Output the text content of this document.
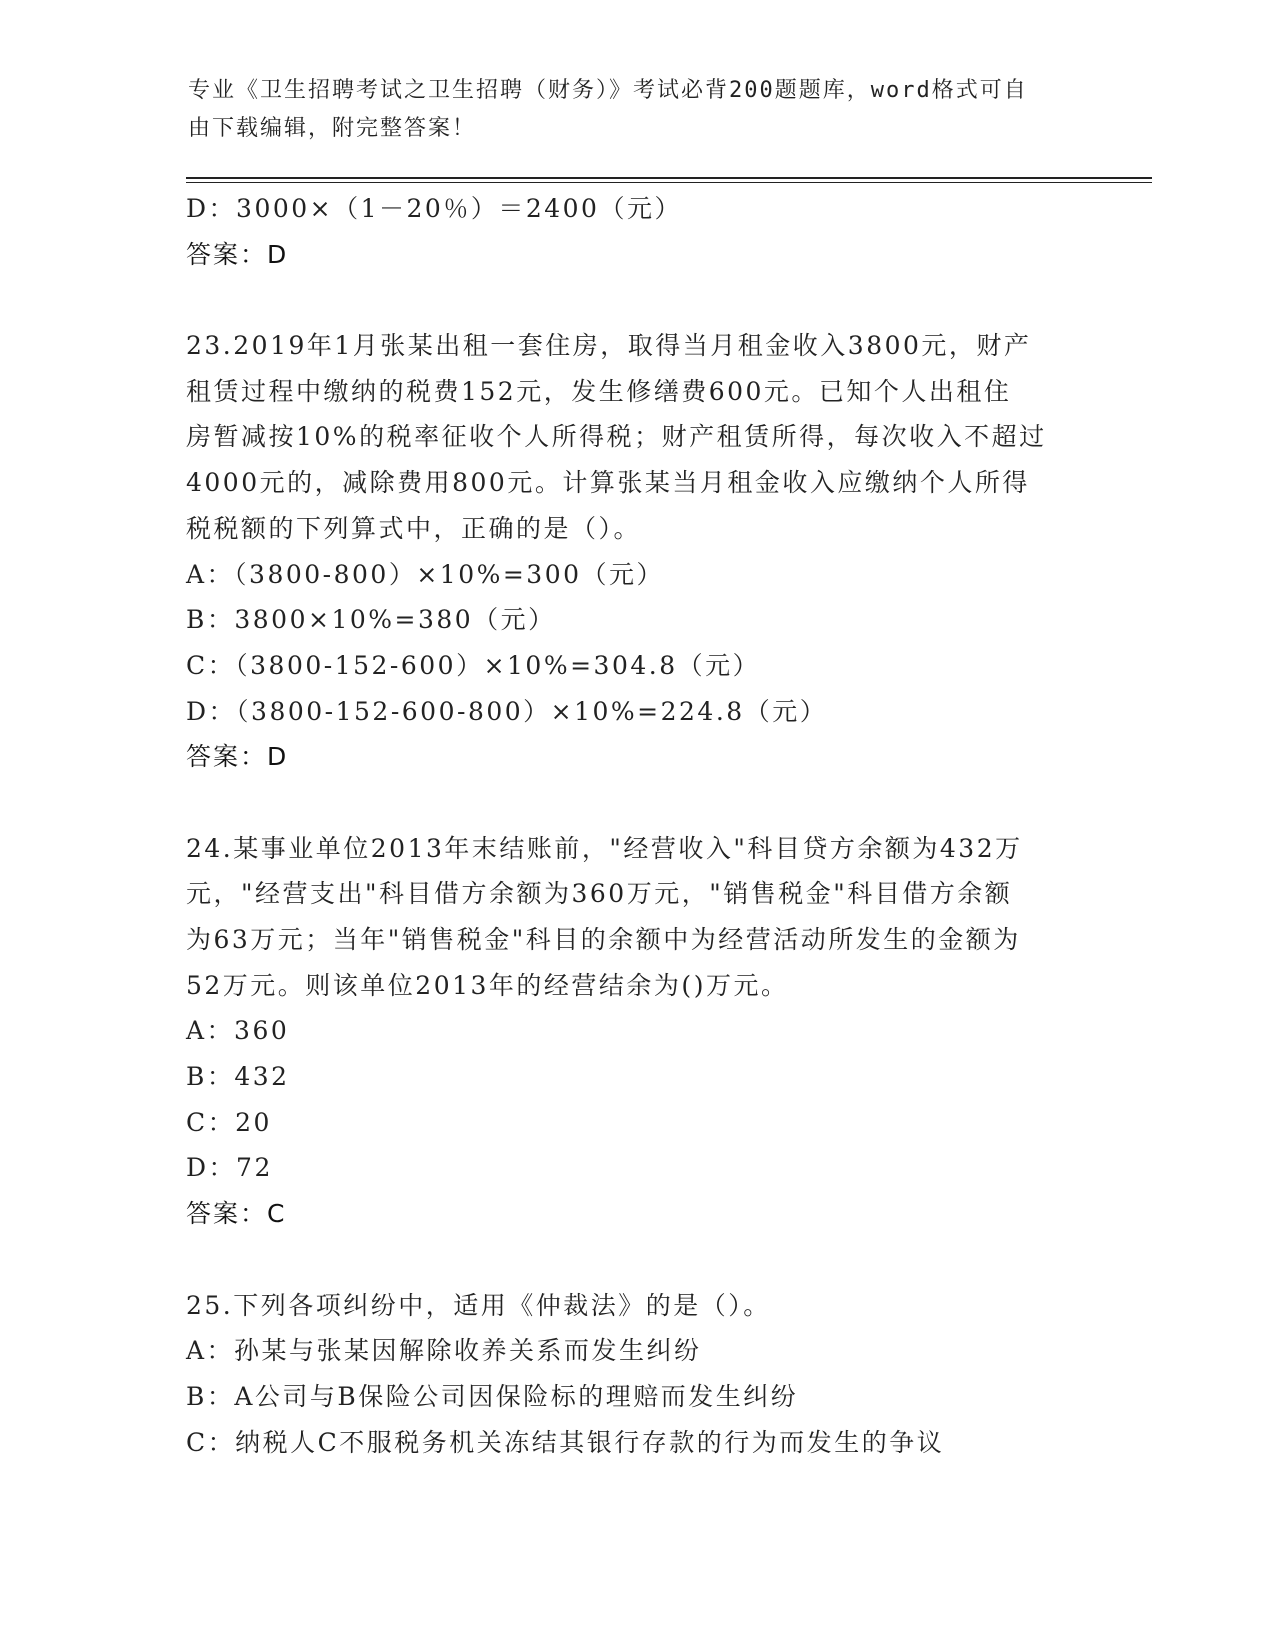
专业《卫生招聘考试之卫生招聘（财务）》考试必背200题题库，word格式可自
由下载编辑，附完整答案！
D：3000×（1－20％）＝2400（元）
答案：D
23.2019年1月张某出租一套住房，取得当月租金收入3800元，财产
租赁过程中缴纳的税费152元，发生修缮费600元。已知个人出租住
房暂减按10%的税率征收个人所得税；财产租赁所得，每次收入不超过
4000元的，减除费用800元。计算张某当月租金收入应缴纳个人所得
税税额的下列算式中，正确的是（）。
A：（3800-800）×10%=300（元）
B：3800×10%=380（元）
C：（3800-152-600）×10%=304.8（元）
D：（3800-152-600-800）×10%=224.8（元）
答案：D
24.某事业单位2013年末结账前，"经营收入"科目贷方余额为432万
元，"经营支出"科目借方余额为360万元，"销售税金"科目借方余额
为63万元；当年"销售税金"科目的余额中为经营活动所发生的金额为
52万元。则该单位2013年的经营结余为()万元。
A：360
B：432
C：20
D：72
答案：C
25.下列各项纠纷中，适用《仲裁法》的是（）。
A：孙某与张某因解除收养关系而发生纠纷
B：A公司与B保险公司因保险标的理赔而发生纠纷
C：纳税人C不服税务机关冻结其银行存款的行为而发生的争议
